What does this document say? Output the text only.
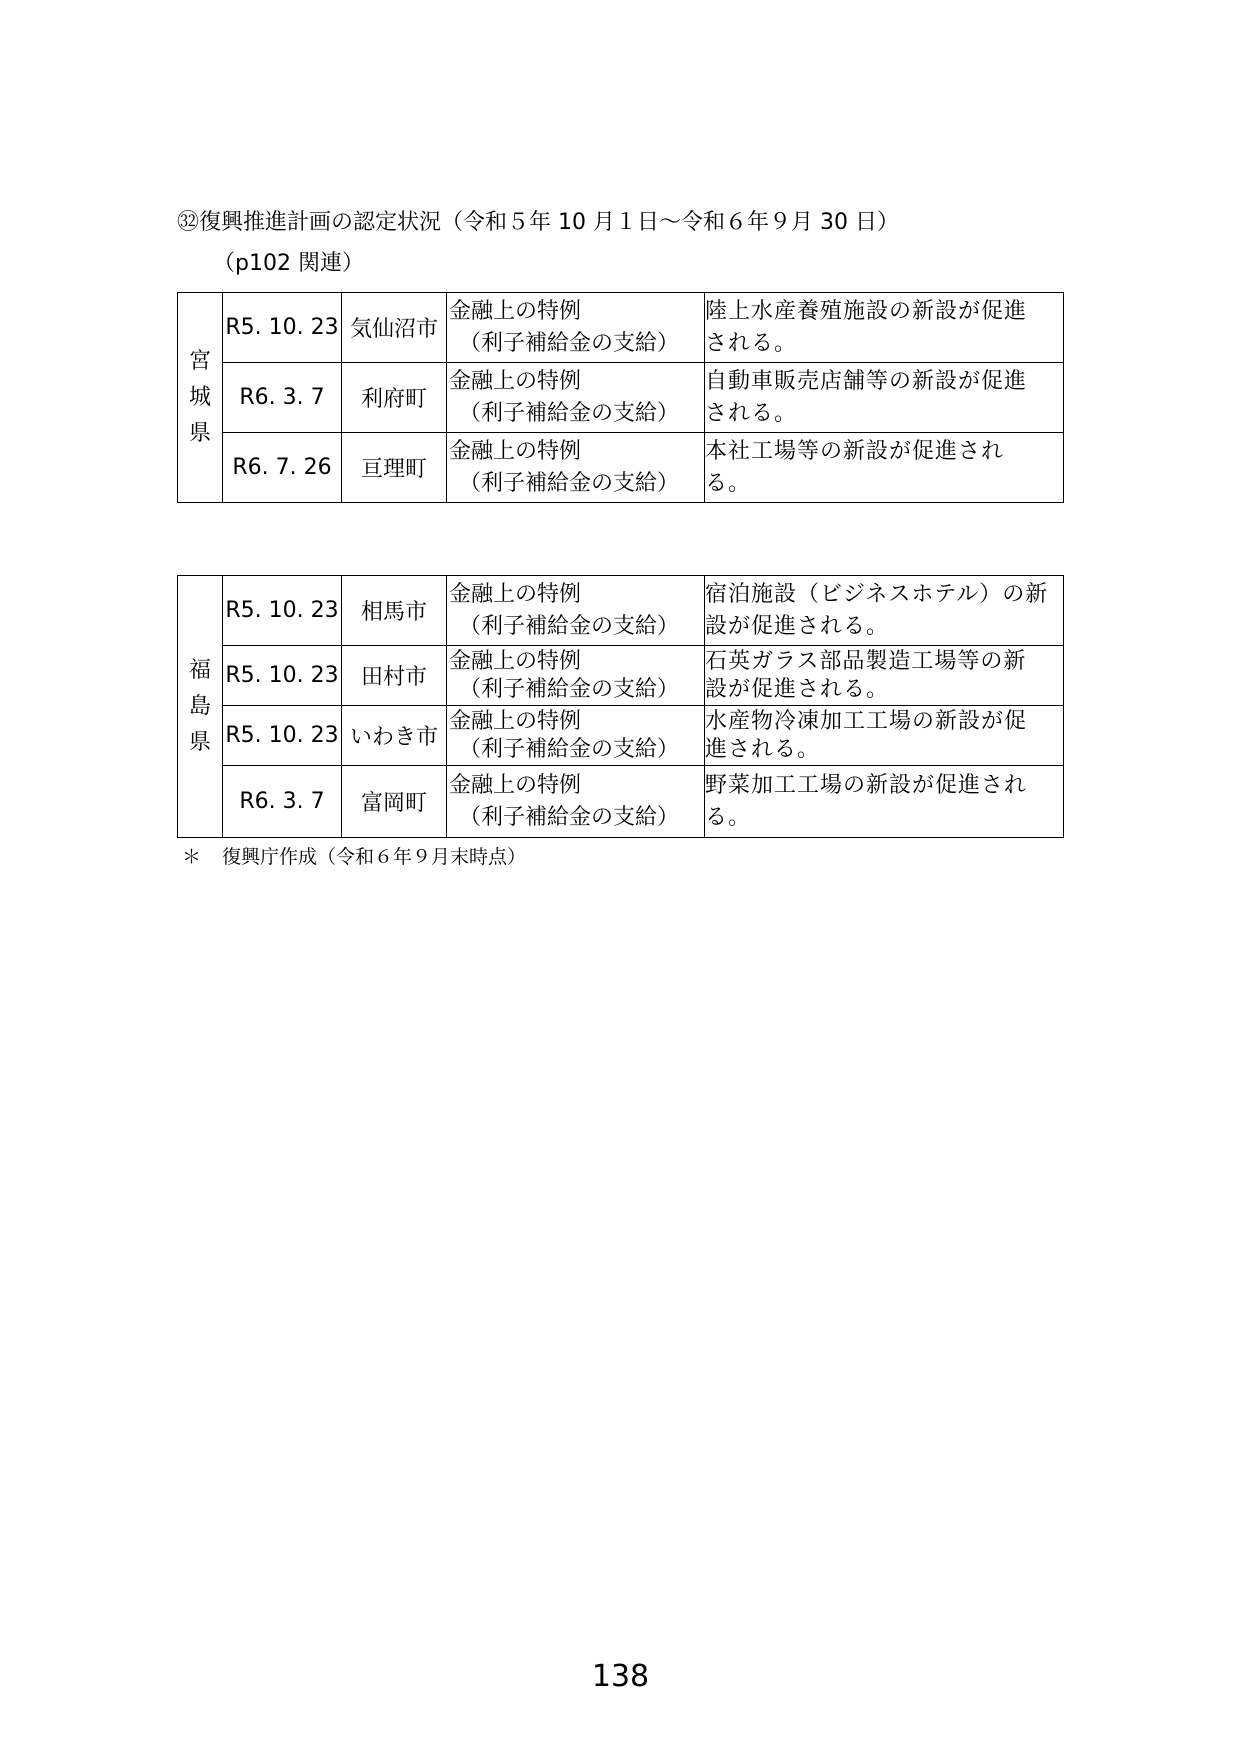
㉜復興推進計画の認定状況（令和５年 10 月１日～令和６年９月 30 日）
（p102 関連）
宮
城
県	R5. 10. 23	気仙沼市	金融上の特例
（利子補給金の支給）	陸上水産養殖施設の新設が促進
される。

	R6. 3. 7	利府町	金融上の特例
（利子補給金の支給）	自動車販売店舗等の新設が促進
される。

	R6. 7. 26	亘理町	金融上の特例
（利子補給金の支給）	本社工場等の新設が促進され
る。
福
島
県	R5. 10. 23	相馬市	金融上の特例
（利子補給金の支給）	宿泊施設（ビジネスホテル）の新
設が促進される。

	R5. 10. 23	田村市	金融上の特例
（利子補給金の支給）	石英ガラス部品製造工場等の新
設が促進される。

	R5. 10. 23	いわき市	金融上の特例
（利子補給金の支給）	水産物冷凍加工工場の新設が促
進される。

	R6. 3. 7	富岡町	金融上の特例
（利子補給金の支給）	野菜加工工場の新設が促進され
る。
＊ 復興庁作成（令和６年９月末時点）
138
